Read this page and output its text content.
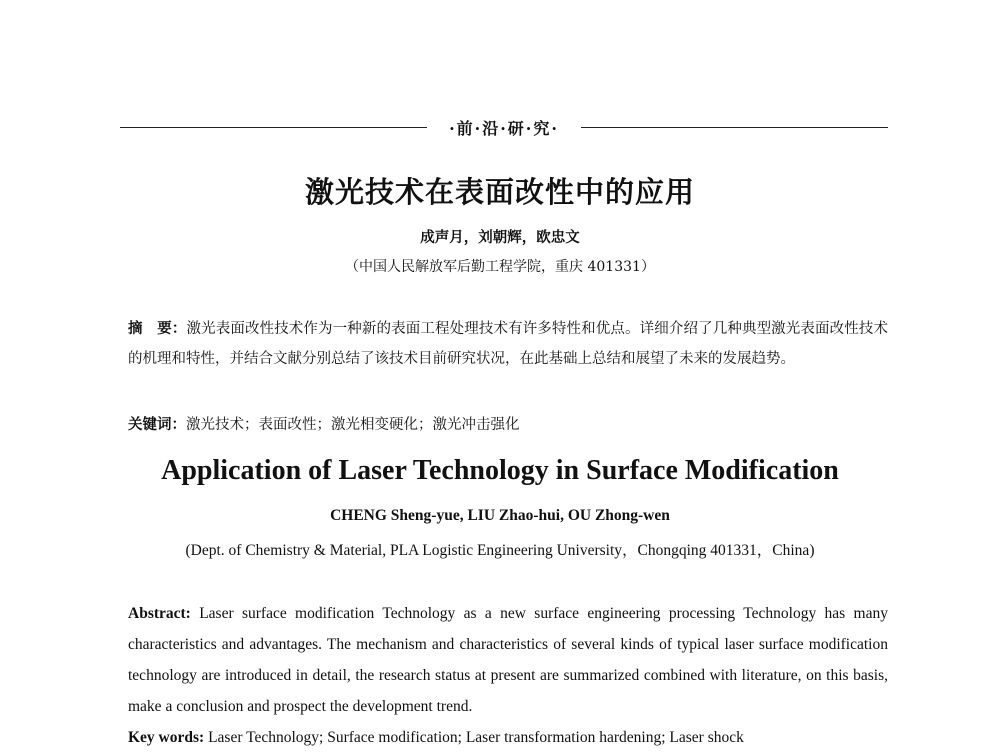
·前·沿·研·究·
激光技术在表面改性中的应用
成声月，刘朝辉，欧忠文
（中国人民解放军后勤工程学院，重庆 401331）
摘　要：激光表面改性技术作为一种新的表面工程处理技术有许多特性和优点。详细介绍了几种典型激光表面改性技术的机理和特性，并结合文献分别总结了该技术目前研究状况，在此基础上总结和展望了未来的发展趋势。
关键词：激光技术；表面改性；激光相变硬化；激光冲击强化
Application of Laser Technology in Surface Modification
CHENG Sheng-yue, LIU Zhao-hui, OU Zhong-wen
(Dept. of Chemistry & Material, PLA Logistic Engineering University，Chongqing 401331，China)
Abstract: Laser surface modification Technology as a new surface engineering processing Technology has many characteristics and advantages. The mechanism and characteristics of several kinds of typical laser surface modification technology are introduced in detail, the research status at present are summarized combined with literature, on this basis, make a conclusion and prospect the development trend.
Key words: Laser Technology; Surface modification; Laser transformation hardening; Laser shock
